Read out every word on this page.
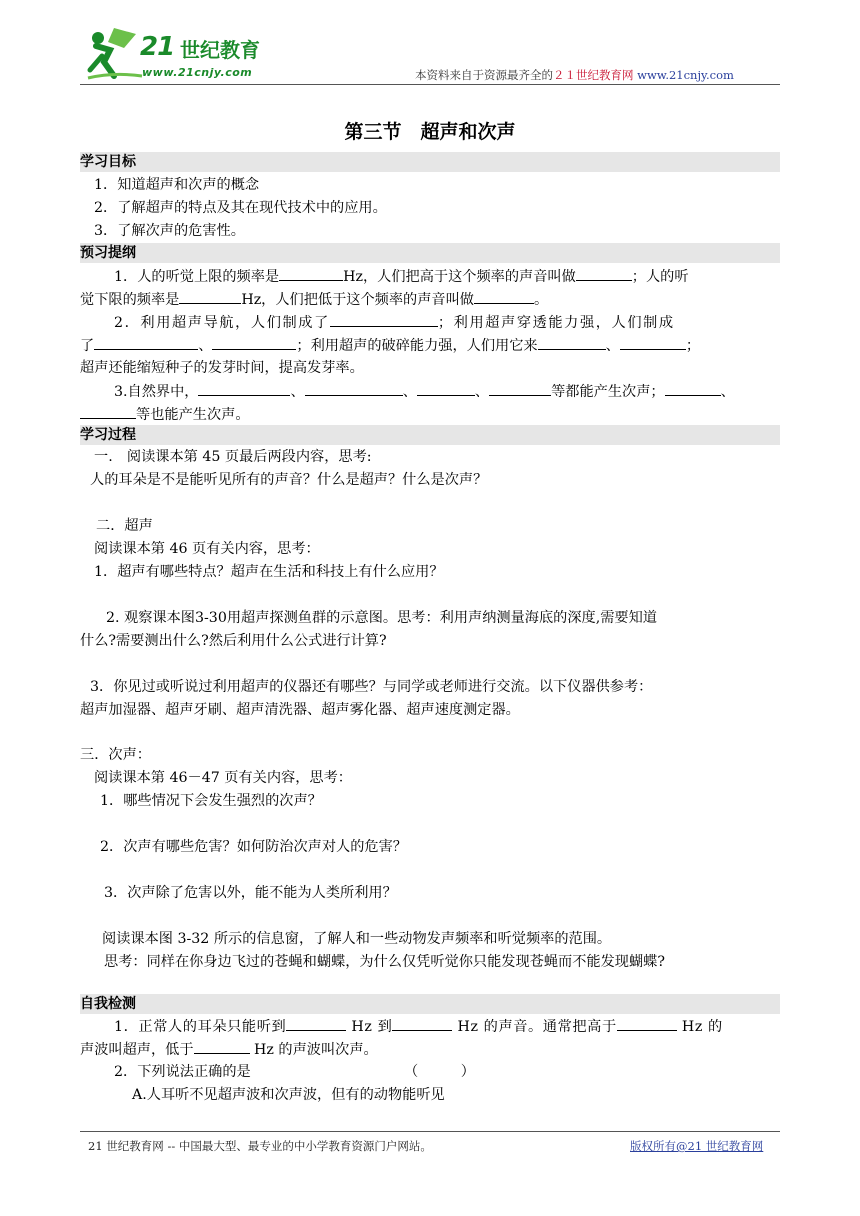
21 世纪教育
www.21cnjy.com	本资料来自于资源最齐全的２１世纪教育网 www.21cnjy.com
第三节　超声和次声
学习目标
1．知道超声和次声的概念
2．了解超声的特点及其在现代技术中的应用。
3．了解次声的危害性。
预习提纲
1．人的听觉上限的频率是	Hz，人们把高于这个频率的声音叫做	；人的听
觉下限的频率是	Hz，人们把低于这个频率的声音叫做	。
2．利用超声导航，人们制成了	；利用超声穿透能力强，人们制成
了	、	；利用超声的破碎能力强，人们用它来	、	；
超声还能缩短种子的发芽时间，提高发芽率。
3.自然界中，	、	、	、	等都能产生次声；	、
等也能产生次声。
学习过程
一.　阅读课本第 45 页最后两段内容，思考:
人的耳朵是不是能听见所有的声音？什么是超声？什么是次声？
二．超声
阅读课本第 46 页有关内容，思考：
1．超声有哪些特点？超声在生活和科技上有什么应用？
2. 观察课本图3-30用超声探测鱼群的示意图。思考：利用声纳测量海底的深度,需要知道
什么?需要测出什么?然后利用什么公式进行计算?
3．你见过或听说过利用超声的仪器还有哪些？与同学或老师进行交流。以下仪器供参考：
超声加湿器、超声牙刷、超声清洗器、超声雾化器、超声速度测定器。
三．次声：
阅读课本第 46－47 页有关内容，思考：
1．哪些情况下会发生强烈的次声？
2．次声有哪些危害？如何防治次声对人的危害？
3．次声除了危害以外，能不能为人类所利用？
阅读课本图 3-32 所示的信息窗，了解人和一些动物发声频率和听觉频率的范围。
思考：同样在你身边飞过的苍蝇和蝴蝶，为什么仅凭听觉你只能发现苍蝇而不能发现蝴蝶?
自我检测
1．正常人的耳朵只能听到	Hz 到	Hz 的声音。通常把高于	Hz 的
声波叫超声，低于	Hz 的声波叫次声。
2．下列说法正确的是	（　　　）
A.人耳听不见超声波和次声波，但有的动物能听见
21 世纪教育网 -- 中国最大型、最专业的中小学教育资源门户网站。	版权所有@21 世纪教育网
